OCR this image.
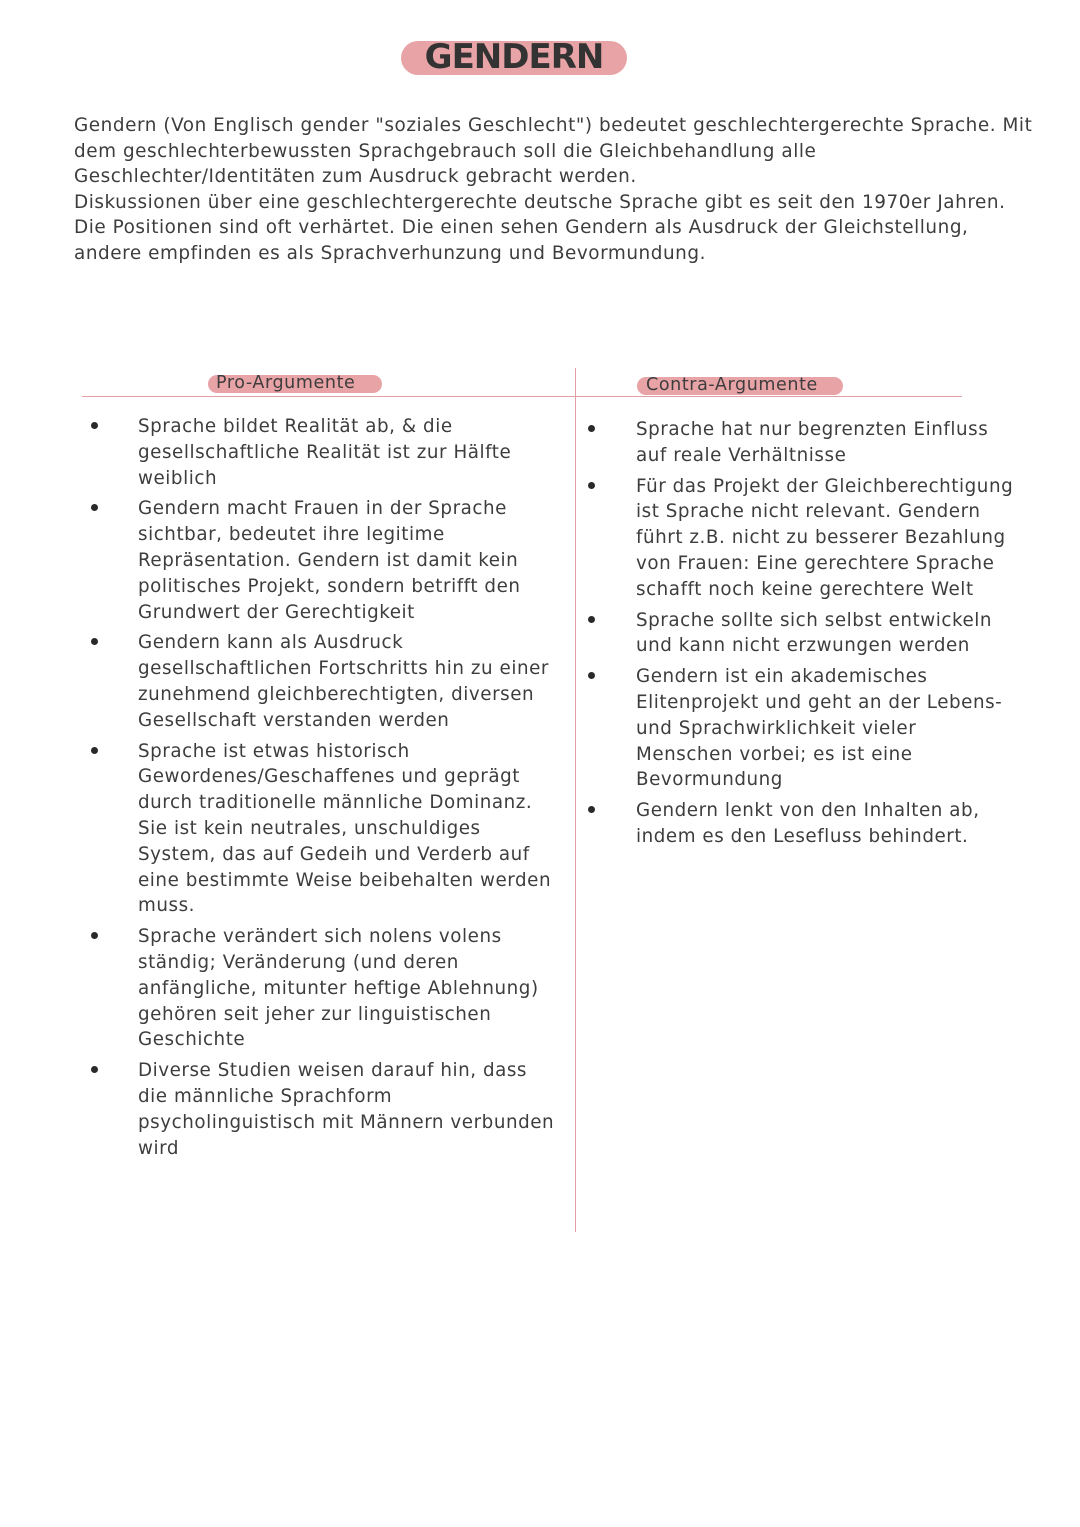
GENDERN

Gendern (Von Englisch gender "soziales Geschlecht") bedeutet geschlechtergerechte Sprache. Mit dem geschlechterbewussten Sprachgebrauch soll die Gleichbehandlung alle Geschlechter/Identitäten zum Ausdruck gebracht werden.

Diskussionen über eine geschlechtergerechte deutsche Sprache gibt es seit den 1970er Jahren. Die Positionen sind oft verhärtet. Die einen sehen Gendern als Ausdruck der Gleichstellung, andere empfinden es als Sprachverhunzung und Bevormundung.

Pro-Argumente	Contra-Argumente
Sprache bildet Realität ab, & die gesellschaftliche Realität ist zur Hälfte weiblich
Gendern macht Frauen in der Sprache sichtbar, bedeutet ihre legitime Repräsentation. Gendern ist damit kein politisches Projekt, sondern betrifft den Grundwert der Gerechtigkeit
Gendern kann als Ausdruck gesellschaftlichen Fortschritts hin zu einer zunehmend gleichberechtigten, diversen Gesellschaft verstanden werden
Sprache ist etwas historisch Gewordenes/Geschaffenes und geprägt durch traditionelle männliche Dominanz. Sie ist kein neutrales, unschuldiges System, das auf Gedeih und Verderb auf eine bestimmte Weise beibehalten werden muss.
Sprache verändert sich nolens volens ständig; Veränderung (und deren anfängliche, mitunter heftige Ablehnung) gehören seit jeher zur linguistischen Geschichte
Diverse Studien weisen darauf hin, dass die männliche Sprachform psycholinguistisch mit Männern verbunden wird
Sprache hat nur begrenzten Einfluss auf reale Verhältnisse
Für das Projekt der Gleichberechtigung ist Sprache nicht relevant. Gendern führt z.B. nicht zu besserer Bezahlung von Frauen: Eine gerechtere Sprache schafft noch keine gerechtere Welt
Sprache sollte sich selbst entwickeln und kann nicht erzwungen werden
Gendern ist ein akademisches Elitenprojekt und geht an der Lebens- und Sprachwirklichkeit vieler Menschen vorbei; es ist eine Bevormundung
Gendern lenkt von den Inhalten ab, indem es den Lesefluss behindert.
